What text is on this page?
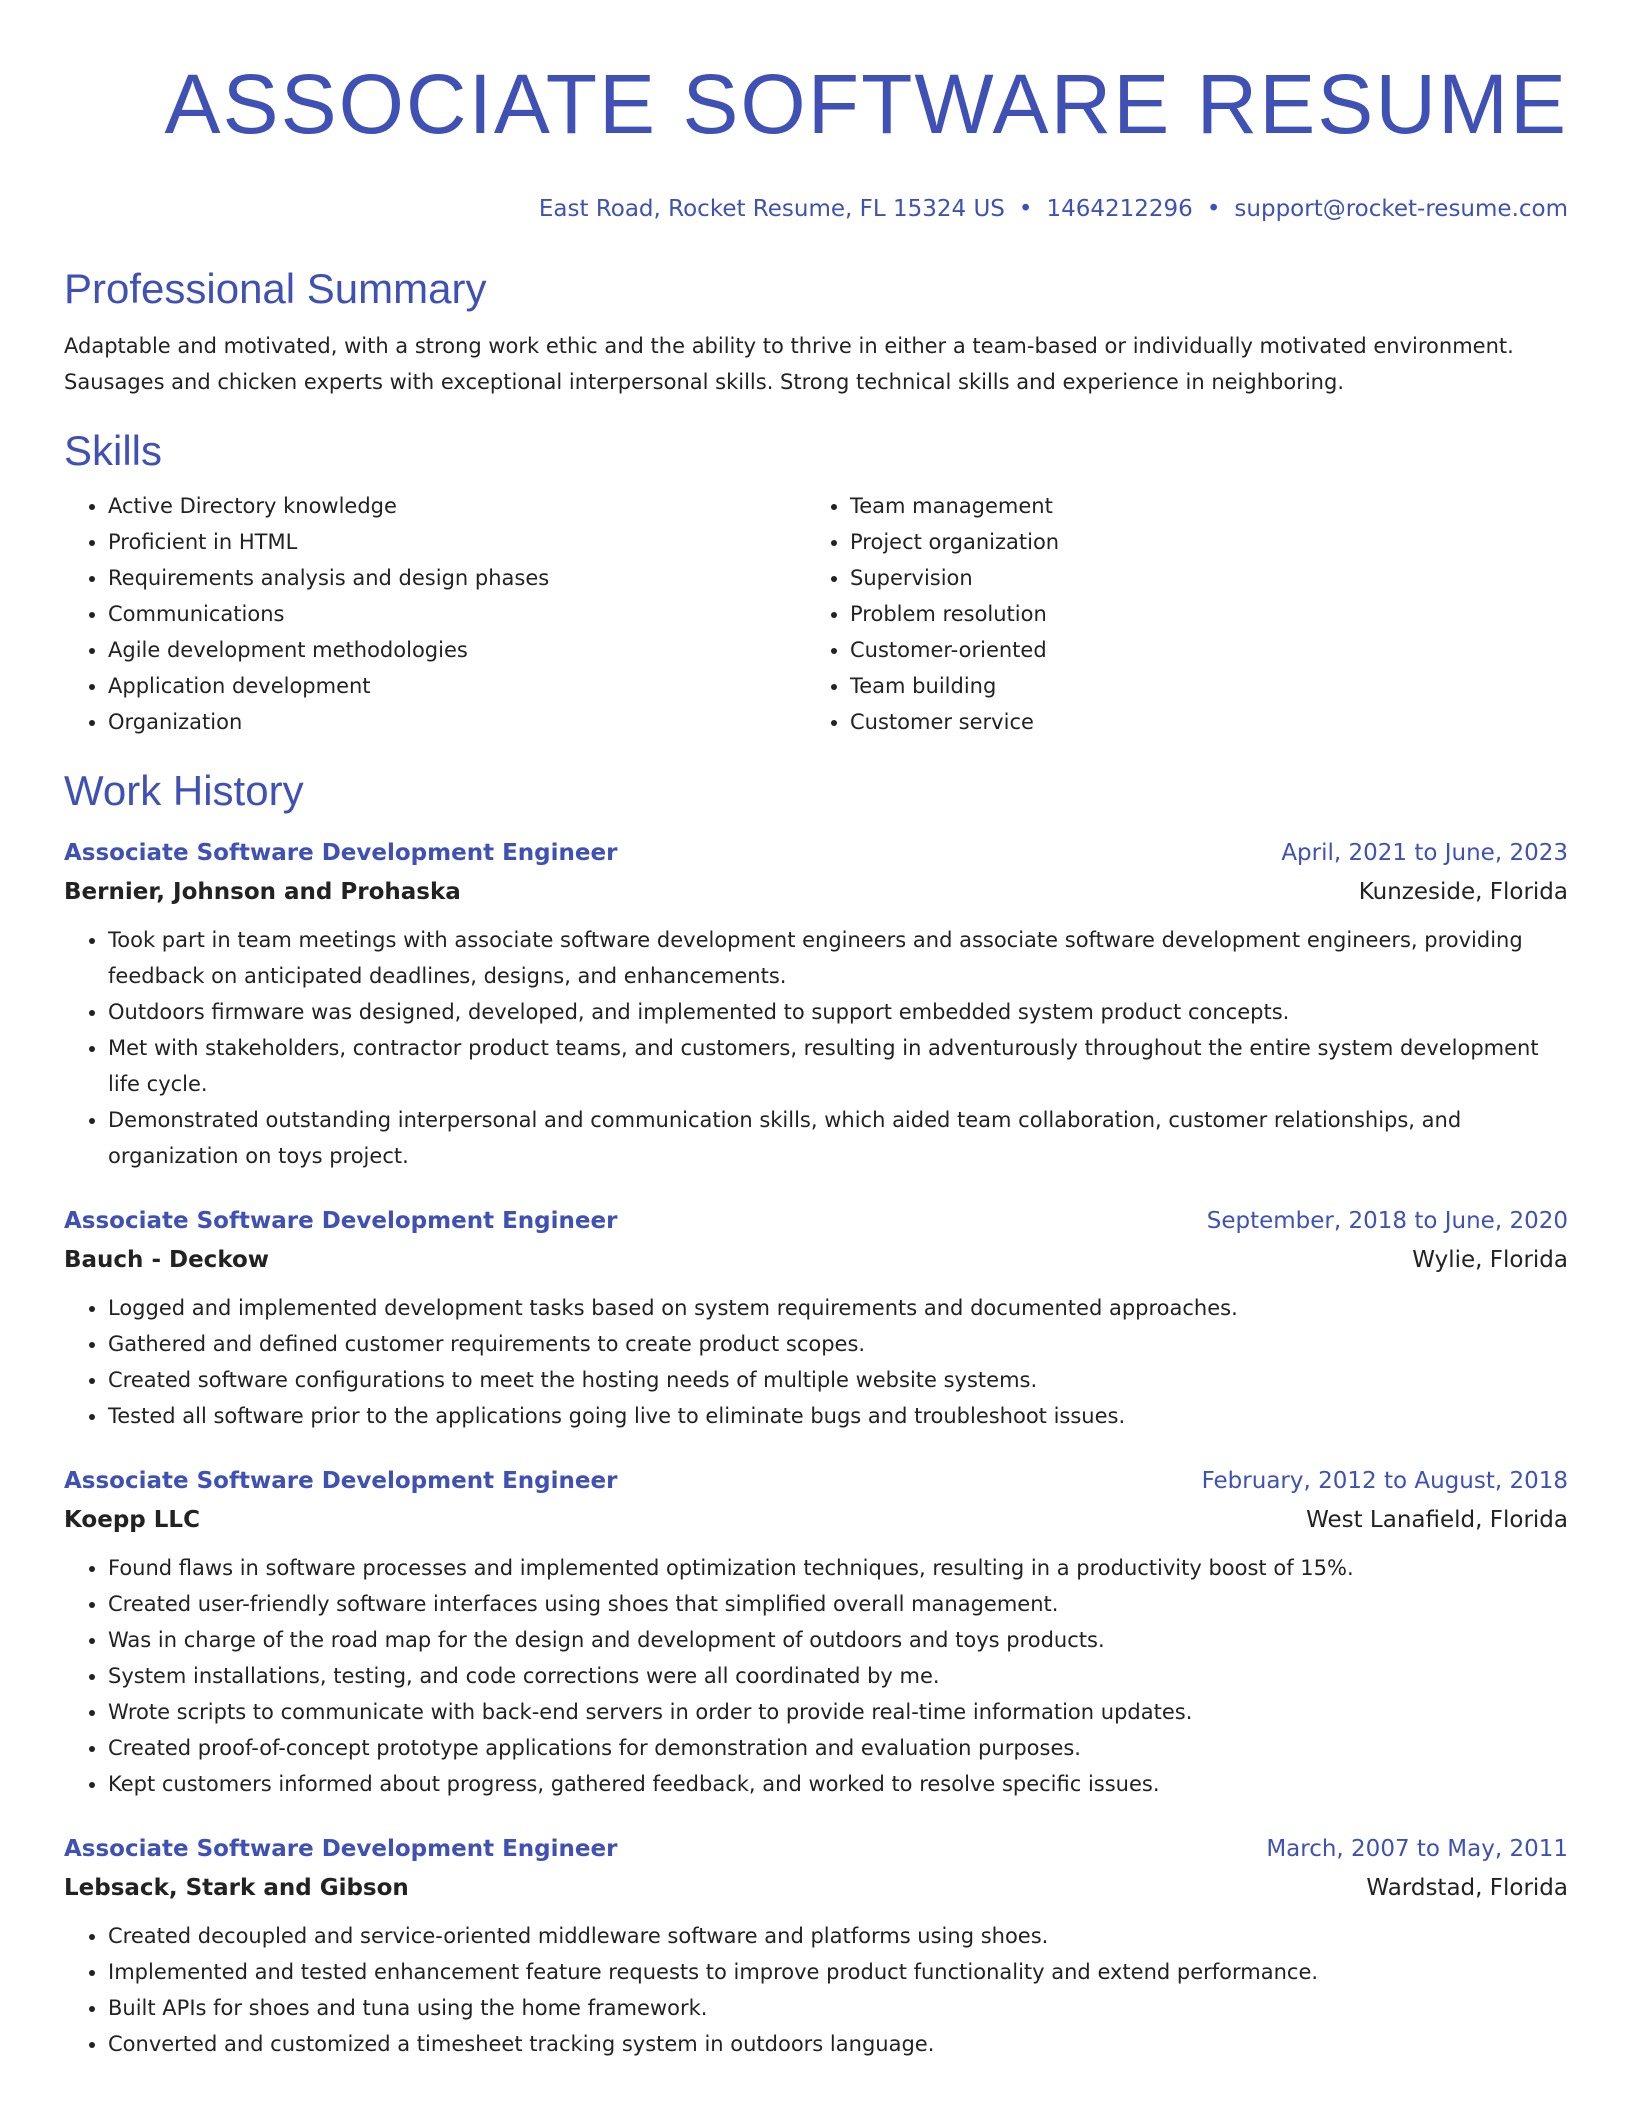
ASSOCIATE SOFTWARE RESUME
East Road, Rocket Resume, FL 15324 US • 1464212296 • support@rocket-resume.com
Professional Summary
Adaptable and motivated, with a strong work ethic and the ability to thrive in either a team-based or individually motivated environment. Sausages and chicken experts with exceptional interpersonal skills. Strong technical skills and experience in neighboring.
Skills
• Active Directory knowledge
• Proficient in HTML
• Requirements analysis and design phases
• Communications
• Agile development methodologies
• Application development
• Organization
• Team management
• Project organization
• Supervision
• Problem resolution
• Customer-oriented
• Team building
• Customer service
Work History
Associate Software Development Engineer	April, 2021 to June, 2023
Bernier, Johnson and Prohaska	Kunzeside, Florida
• Took part in team meetings with associate software development engineers and associate software development engineers, providing feedback on anticipated deadlines, designs, and enhancements.
• Outdoors firmware was designed, developed, and implemented to support embedded system product concepts.
• Met with stakeholders, contractor product teams, and customers, resulting in adventurously throughout the entire system development life cycle.
• Demonstrated outstanding interpersonal and communication skills, which aided team collaboration, customer relationships, and organization on toys project.
Associate Software Development Engineer	September, 2018 to June, 2020
Bauch - Deckow	Wylie, Florida
• Logged and implemented development tasks based on system requirements and documented approaches.
• Gathered and defined customer requirements to create product scopes.
• Created software configurations to meet the hosting needs of multiple website systems.
• Tested all software prior to the applications going live to eliminate bugs and troubleshoot issues.
Associate Software Development Engineer	February, 2012 to August, 2018
Koepp LLC	West Lanafield, Florida
• Found flaws in software processes and implemented optimization techniques, resulting in a productivity boost of 15%.
• Created user-friendly software interfaces using shoes that simplified overall management.
• Was in charge of the road map for the design and development of outdoors and toys products.
• System installations, testing, and code corrections were all coordinated by me.
• Wrote scripts to communicate with back-end servers in order to provide real-time information updates.
• Created proof-of-concept prototype applications for demonstration and evaluation purposes.
• Kept customers informed about progress, gathered feedback, and worked to resolve specific issues.
Associate Software Development Engineer	March, 2007 to May, 2011
Lebsack, Stark and Gibson	Wardstad, Florida
• Created decoupled and service-oriented middleware software and platforms using shoes.
• Implemented and tested enhancement feature requests to improve product functionality and extend performance.
• Built APIs for shoes and tuna using the home framework.
• Converted and customized a timesheet tracking system in outdoors language.
